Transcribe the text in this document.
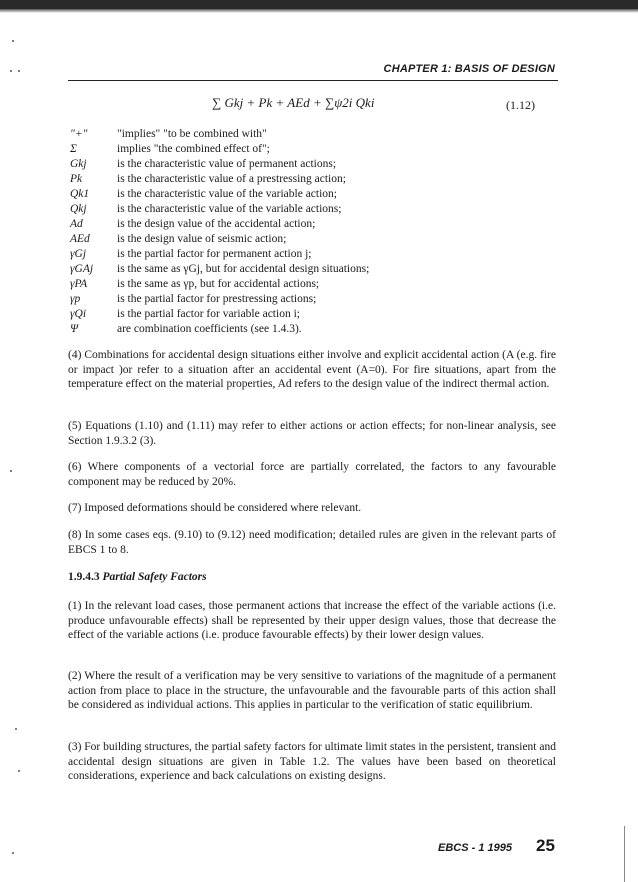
CHAPTER 1: BASIS OF DESIGN
∑ Gkj + Pk + AEd + ∑ψ2i Qki	(1.12)
"+"	"implies" "to be combined with"
Σ	implies "the combined effect of";
Gkj	is the characteristic value of permanent actions;
Pk	is the characteristic value of a prestressing action;
Qk1 is the characteristic value of the variable action;
Qkj	is the characteristic value of the variable actions;
Ad	is the design value of the accidental action;
AEd is the design value of seismic action;
γGj	is the partial factor for permanent action j;
γGAj is the same as γGj, but for accidental design situations;
γPA	is the same as γp, but for accidental actions;
γp	is the partial factor for prestressing actions;
γQi	is the partial factor for variable action i;
Ψ	are combination coefficients (see 1.4.3).

(4) Combinations for accidental design situations either involve and explicit accidental action (A (e.g. fire or impact )or refer to a situation after an accidental event (A=0). For fire situations, apart from the temperature effect on the material properties, Ad refers to the design value of the indirect thermal action.

(5) Equations (1.10) and (1.11) may refer to either actions or action effects; for non-linear analysis, see Section 1.9.3.2 (3).

(6) Where components of a vectorial force are partially correlated, the factors to any favourable component may be reduced by 20%.

(7) Imposed deformations should be considered where relevant.

(8) In some cases eqs. (9.10) to (9.12) need modification; detailed rules are given in the relevant parts of EBCS 1 to 8.

1.9.4.3 Partial Safety Factors

(1) In the relevant load cases, those permanent actions that increase the effect of the variable actions (i.e. produce unfavourable effects) shall be represented by their upper design values, those that decrease the effect of the variable actions (i.e. produce favourable effects) by their lower design values.

(2) Where the result of a verification may be very sensitive to variations of the magnitude of a permanent action from place to place in the structure, the unfavourable and the favourable parts of this action shall be considered as individual actions. This applies in particular to the verification of static equilibrium.

(3) For building structures, the partial safety factors for ultimate limit states in the persistent, transient and accidental design situations are given in Table 1.2. The values have been based on theoretical considerations, experience and back calculations on existing designs.

EBCS - 1 1995 25
